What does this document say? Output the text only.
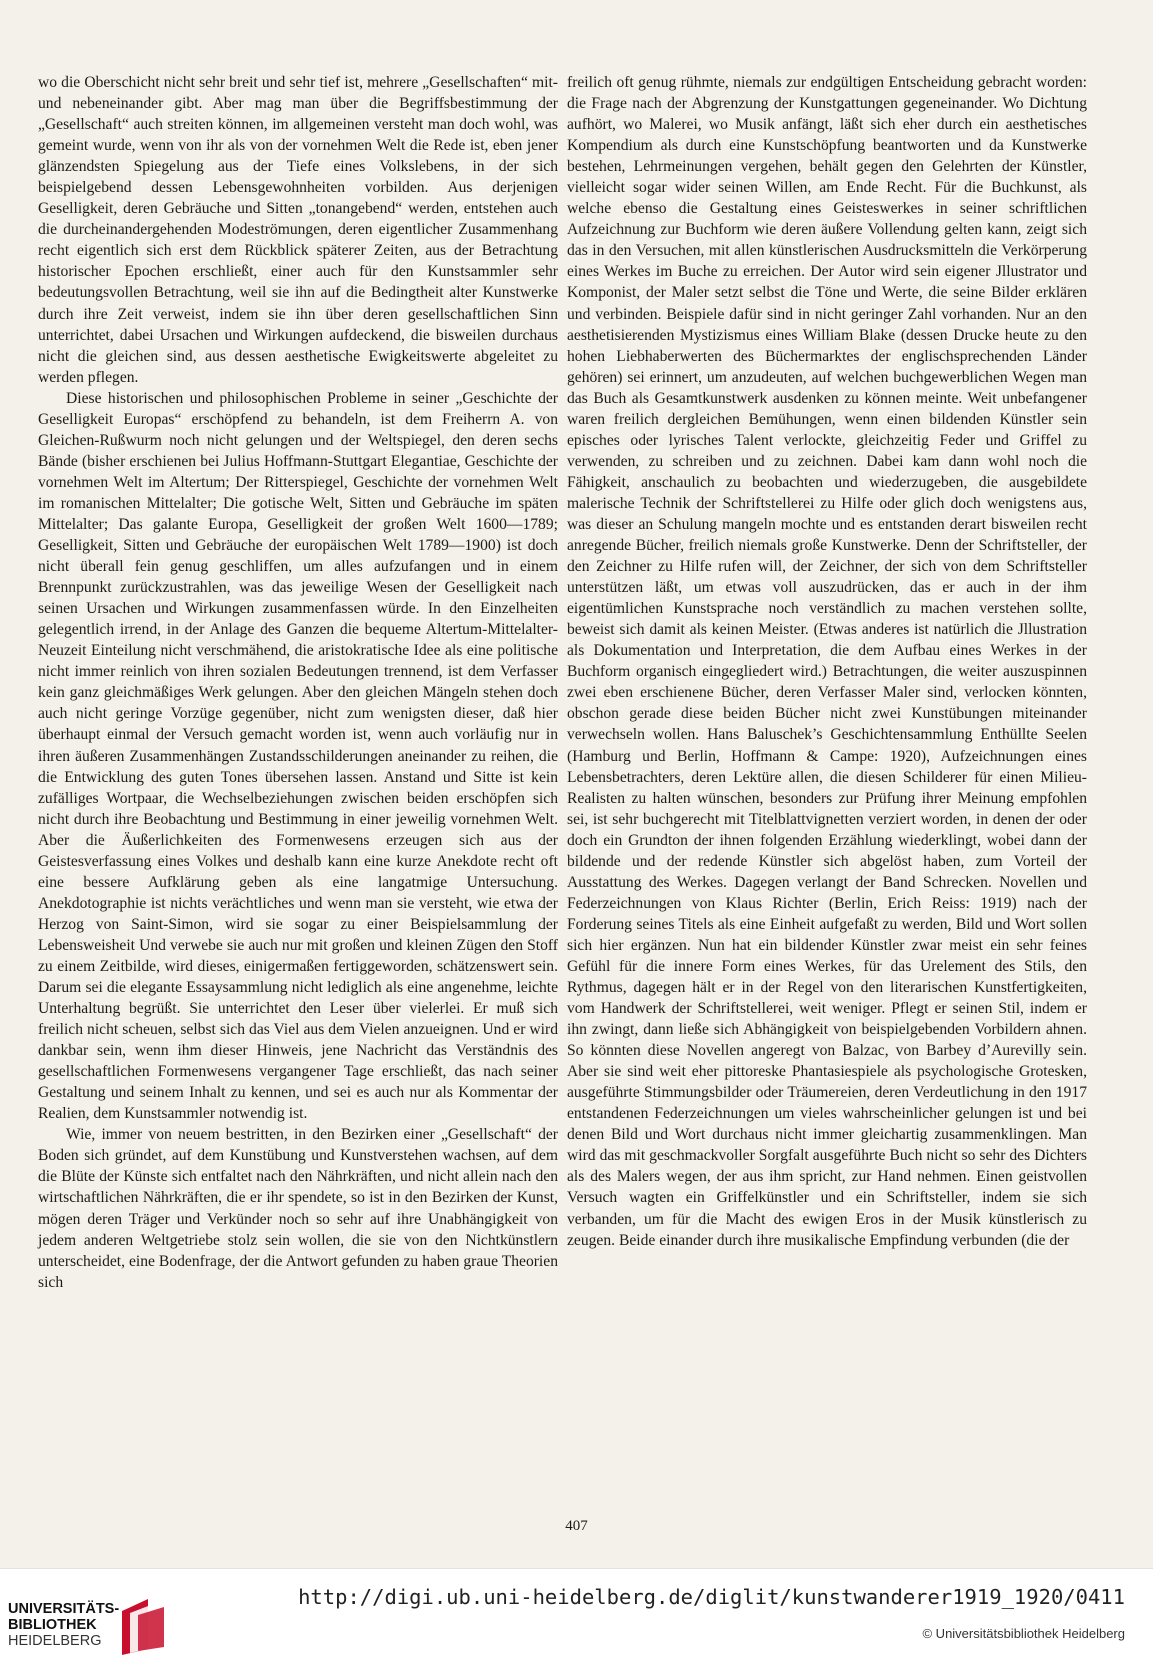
wo die Oberschicht nicht sehr breit und sehr tief ist, mehrere „Gesellschaften“ mit- und nebeneinander gibt. Aber mag man über die Begriffsbestimmung der „Gesellschaft“ auch streiten können, im allgemeinen versteht man doch wohl, was gemeint wurde, wenn von ihr als von der vornehmen Welt die Rede ist, eben jener glänzendsten Spiegelung aus der Tiefe eines Volkslebens, in der sich beispielgebend dessen Lebensgewohnheiten vorbilden. Aus derjenigen Geselligkeit, deren Gebräuche und Sitten „tonangebend“ werden, entstehen auch die durcheinandergehenden Modeströmungen, deren eigentlicher Zusammenhang recht eigentlich sich erst dem Rückblick späterer Zeiten, aus der Betrachtung historischer Epochen erschließt, einer auch für den Kunstsammler sehr bedeutungsvollen Betrachtung, weil sie ihn auf die Bedingtheit alter Kunstwerke durch ihre Zeit verweist, indem sie ihn über deren gesellschaftlichen Sinn unterrichtet, dabei Ursachen und Wirkungen aufdeckend, die bisweilen durchaus nicht die gleichen sind, aus dessen aesthetische Ewigkeitswerte abgeleitet zu werden pflegen.

Diese historischen und philosophischen Probleme in seiner „Geschichte der Geselligkeit Europas“ erschöpfend zu behandeln, ist dem Freiherrn A. von Gleichen-Rußwurm noch nicht gelungen und der Weltspiegel, den deren sechs Bände (bisher erschienen bei Julius Hoffmann-Stuttgart Elegantiae, Geschichte der vornehmen Welt im Altertum; Der Ritterspiegel, Geschichte der vornehmen Welt im romanischen Mittelalter; Die gotische Welt, Sitten und Gebräuche im späten Mittelalter; Das galante Europa, Geselligkeit der großen Welt 1600—1789; Geselligkeit, Sitten und Gebräuche der europäischen Welt 1789—1900) ist doch nicht überall fein genug geschliffen, um alles aufzufangen und in einem Brennpunkt zurückzustrahlen, was das jeweilige Wesen der Geselligkeit nach seinen Ursachen und Wirkungen zusammenfassen würde. In den Einzelheiten gelegentlich irrend, in der Anlage des Ganzen die bequeme Altertum-Mittelalter-Neuzeit Einteilung nicht verschmähend, die aristokratische Idee als eine politische nicht immer reinlich von ihren sozialen Bedeutungen trennend, ist dem Verfasser kein ganz gleichmäßiges Werk gelungen. Aber den gleichen Mängeln stehen doch auch nicht geringe Vorzüge gegenüber, nicht zum wenigsten dieser, daß hier überhaupt einmal der Versuch gemacht worden ist, wenn auch vorläufig nur in ihren äußeren Zusammenhängen Zustandsschilderungen aneinander zu reihen, die die Entwicklung des guten Tones übersehen lassen. Anstand und Sitte ist kein zufälliges Wortpaar, die Wechselbeziehungen zwischen beiden erschöpfen sich nicht durch ihre Beobachtung und Bestimmung in einer jeweilig vornehmen Welt. Aber die Äußerlichkeiten des Formenwesens erzeugen sich aus der Geistesverfassung eines Volkes und deshalb kann eine kurze Anekdote recht oft eine bessere Aufklärung geben als eine langatmige Untersuchung. Anekdotographie ist nichts verächtliches und wenn man sie versteht, wie etwa der Herzog von Saint-Simon, wird sie sogar zu einer Beispielsammlung der Lebensweisheit Und verwebe sie auch nur mit großen und kleinen Zügen den Stoff zu einem Zeitbilde, wird dieses, einigermaßen fertiggeworden, schätzenswert sein. Darum sei die elegante Essaysammlung nicht lediglich als eine angenehme, leichte Unterhaltung begrüßt. Sie unterrichtet den Leser über vielerlei. Er muß sich freilich nicht scheuen, selbst sich das Viel aus dem Vielen anzueignen. Und er wird dankbar sein, wenn ihm dieser Hinweis, jene Nachricht das Verständnis des gesellschaftlichen Formenwesens vergangener Tage erschließt, das nach seiner Gestaltung und seinem Inhalt zu kennen, und sei es auch nur als Kommentar der Realien, dem Kunstsammler notwendig ist.

Wie, immer von neuem bestritten, in den Bezirken einer „Gesellschaft“ der Boden sich gründet, auf dem Kunstübung und Kunstverstehen wachsen, auf dem die Blüte der Künste sich entfaltet nach den Nährkräften, und nicht allein nach den wirtschaftlichen Nährkräften, die er ihr spendete, so ist in den Bezirken der Kunst, mögen deren Träger und Verkünder noch so sehr auf ihre Unabhängigkeit von jedem anderen Weltgetriebe stolz sein wollen, die sie von den Nichtkünstlern unterscheidet, eine Bodenfrage, der die Antwort gefunden zu haben graue Theorien sich

freilich oft genug rühmte, niemals zur endgültigen Entscheidung gebracht worden: die Frage nach der Abgrenzung der Kunstgattungen gegeneinander. Wo Dichtung aufhört, wo Malerei, wo Musik anfängt, läßt sich eher durch ein aesthetisches Kompendium als durch eine Kunstschöpfung beantworten und da Kunstwerke bestehen, Lehrmeinungen vergehen, behält gegen den Gelehrten der Künstler, vielleicht sogar wider seinen Willen, am Ende Recht. Für die Buchkunst, als welche ebenso die Gestaltung eines Geisteswerkes in seiner schriftlichen Aufzeichnung zur Buchform wie deren äußere Vollendung gelten kann, zeigt sich das in den Versuchen, mit allen künstlerischen Ausdrucksmitteln die Verkörperung eines Werkes im Buche zu erreichen. Der Autor wird sein eigener Jllustrator und Komponist, der Maler setzt selbst die Töne und Werte, die seine Bilder erklären und verbinden. Beispiele dafür sind in nicht geringer Zahl vorhanden. Nur an den aesthetisierenden Mystizismus eines William Blake (dessen Drucke heute zu den hohen Liebhaberwerten des Büchermarktes der englischsprechenden Länder gehören) sei erinnert, um anzudeuten, auf welchen buchgewerblichen Wegen man das Buch als Gesamtkunstwerk ausdenken zu können meinte. Weit unbefangener waren freilich dergleichen Bemühungen, wenn einen bildenden Künstler sein episches oder lyrisches Talent verlockte, gleichzeitig Feder und Griffel zu verwenden, zu schreiben und zu zeichnen. Dabei kam dann wohl noch die Fähigkeit, anschaulich zu beobachten und wiederzugeben, die ausgebildete malerische Technik der Schriftstellerei zu Hilfe oder glich doch wenigstens aus, was dieser an Schulung mangeln mochte und es entstanden derart bisweilen recht anregende Bücher, freilich niemals große Kunstwerke. Denn der Schriftsteller, der den Zeichner zu Hilfe rufen will, der Zeichner, der sich von dem Schriftsteller unterstützen läßt, um etwas voll auszudrücken, das er auch in der ihm eigentümlichen Kunstsprache noch verständlich zu machen verstehen sollte, beweist sich damit als keinen Meister. (Etwas anderes ist natürlich die Jllustration als Dokumentation und Interpretation, die dem Aufbau eines Werkes in der Buchform organisch eingegliedert wird.) Betrachtungen, die weiter auszuspinnen zwei eben erschienene Bücher, deren Verfasser Maler sind, verlocken könnten, obschon gerade diese beiden Bücher nicht zwei Kunstübungen miteinander verwechseln wollen. Hans Baluschek’s Geschichtensammlung Enthüllte Seelen (Hamburg und Berlin, Hoffmann & Campe: 1920), Aufzeichnungen eines Lebensbetrachters, deren Lektüre allen, die diesen Schilderer für einen Milieu-Realisten zu halten wünschen, besonders zur Prüfung ihrer Meinung empfohlen sei, ist sehr buchgerecht mit Titelblattvignetten verziert worden, in denen der oder doch ein Grundton der ihnen folgenden Erzählung wiederklingt, wobei dann der bildende und der redende Künstler sich abgelöst haben, zum Vorteil der Ausstattung des Werkes. Dagegen verlangt der Band Schrecken. Novellen und Federzeichnungen von Klaus Richter (Berlin, Erich Reiss: 1919) nach der Forderung seines Titels als eine Einheit aufgefaßt zu werden, Bild und Wort sollen sich hier ergänzen. Nun hat ein bildender Künstler zwar meist ein sehr feines Gefühl für die innere Form eines Werkes, für das Urelement des Stils, den Rythmus, dagegen hält er in der Regel von den literarischen Kunstfertigkeiten, vom Handwerk der Schriftstellerei, weit weniger. Pflegt er seinen Stil, indem er ihn zwingt, dann ließe sich Abhängigkeit von beispielgebenden Vorbildern ahnen. So könnten diese Novellen angeregt von Balzac, von Barbey d’Aurevilly sein. Aber sie sind weit eher pittoreske Phantasiespiele als psychologische Grotesken, ausgeführte Stimmungsbilder oder Träumereien, deren Verdeutlichung in den 1917 entstandenen Federzeichnungen um vieles wahrscheinlicher gelungen ist und bei denen Bild und Wort durchaus nicht immer gleichartig zusammenklingen. Man wird das mit geschmackvoller Sorgfalt ausgeführte Buch nicht so sehr des Dichters als des Malers wegen, der aus ihm spricht, zur Hand nehmen. Einen geistvollen Versuch wagten ein Griffelkünstler und ein Schriftsteller, indem sie sich verbanden, um für die Macht des ewigen Eros in der Musik künstlerisch zu zeugen. Beide einander durch ihre musikalische Empfindung verbunden (die der

407
UNIVERSITÄTS-
BIBLIOTHEK
HEIDELBERG
http://digi.ub.uni-heidelberg.de/diglit/kunstwanderer1919_1920/0411
© Universitätsbibliothek Heidelberg
